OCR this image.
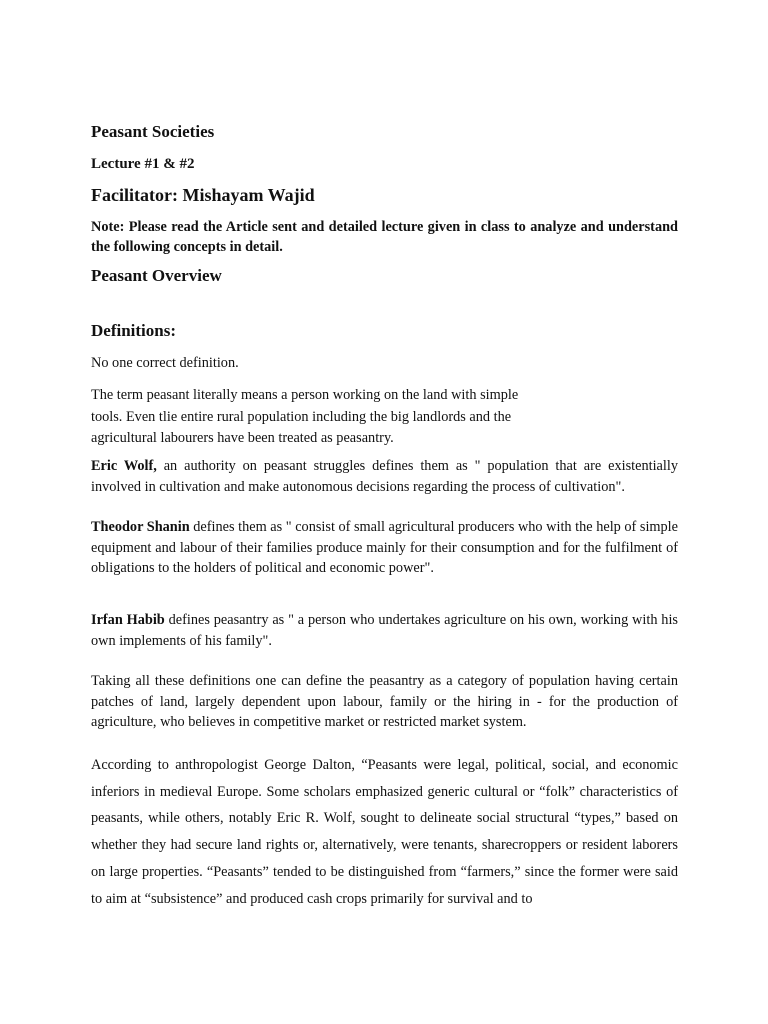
Peasant Societies
Lecture #1 & #2
Facilitator: Mishayam Wajid
Note: Please read the Article sent and detailed lecture given in class to analyze and understand the following concepts in detail.
Peasant Overview
Definitions:

No one correct definition.

The term peasant literally means a person working on the land with simple tools. Even tlie entire rural population including the big landlords and the agricultural labourers have been treated as peasantry.

Eric Wolf, an authority on peasant struggles defines them as " population that are existentially involved in cultivation and make autonomous decisions regarding the process of cultivation".

Theodor Shanin defines them as " consist of small agricultural producers who with the help of simple equipment and labour of their families produce mainly for their consumption and for the fulfilment of obligations to the holders of political and economic power".

Irfan Habib defines peasantry as " a person who undertakes agriculture on his own, working with his own implements of his family".

Taking all these definitions one can define the peasantry as a category of population having certain patches of land, largely dependent upon labour, family or the hiring in - for the production of agriculture, who believes in competitive market or restricted market system.

According to anthropologist George Dalton, “Peasants were legal, political, social, and economic inferiors in medieval Europe. Some scholars emphasized generic cultural or “folk” characteristics of peasants, while others, notably Eric R. Wolf, sought to delineate social structural “types,” based on whether they had secure land rights or, alternatively, were tenants, sharecroppers or resident laborers on large properties. “Peasants” tended to be distinguished from “farmers,” since the former were said to aim at “subsistence” and produced cash crops primarily for survival and to
